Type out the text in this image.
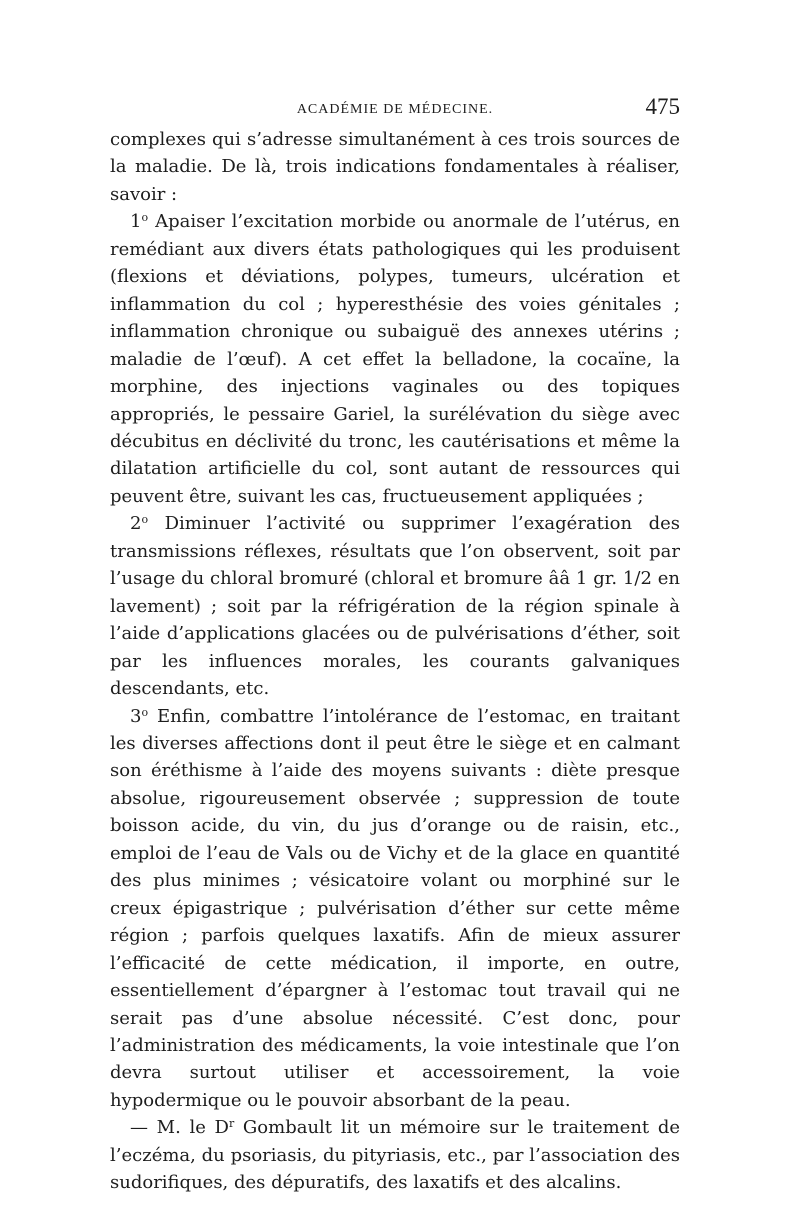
ACADÉMIE DE MÉDECINE.	475

complexes qui s’adresse simultanément à ces trois sources de la maladie. De là, trois indications fondamentales à réaliser, savoir :

1$^o$ Apaiser l’excitation morbide ou anormale de l’utérus, en remédiant aux divers états pathologiques qui les produisent (flexions et déviations, polypes, tumeurs, ulcération et inflammation du col ; hyperesthésie des voies génitales ; inflammation chronique ou subaiguë des annexes utérins ; maladie de l’œuf). A cet effet la belladone, la cocaïne, la morphine, des injections vaginales ou des topiques appropriés, le pessaire Gariel, la surélévation du siège avec décubitus en déclivité du tronc, les cautérisations et même la dilatation artificielle du col, sont autant de ressources qui peuvent être, suivant les cas, fructueusement appliquées ;

2$^o$ Diminuer l’activité ou supprimer l’exagération des transmissions réflexes, résultats que l’on observent, soit par l’usage du chloral bromuré (chloral et bromure ââ 1 gr. 1/2 en lavement) ; soit par la réfrigération de la région spinale à l’aide d’applications glacées ou de pulvérisations d’éther, soit par les influences morales, les courants galvaniques descendants, etc.

3$^o$ Enfin, combattre l’intolérance de l’estomac, en traitant les diverses affections dont il peut être le siège et en calmant son éréthisme à l’aide des moyens suivants : diète presque absolue, rigoureusement observée ; suppression de toute boisson acide, du vin, du jus d’orange ou de raisin, etc., emploi de l’eau de Vals ou de Vichy et de la glace en quantité des plus minimes ; vésicatoire volant ou morphiné sur le creux épigastrique ; pulvérisation d’éther sur cette même région ; parfois quelques laxatifs. Afin de mieux assurer l’efficacité de cette médication, il importe, en outre, essentiellement d’épargner à l’estomac tout travail qui ne serait pas d’une absolue nécessité. C’est donc, pour l’administration des médicaments, la voie intestinale que l’on devra surtout utiliser et accessoirement, la voie hypodermique ou le pouvoir absorbant de la peau.

— M. le $D^r$ Gombault lit un mémoire sur le traitement de l’eczéma, du psoriasis, du pityriasis, etc., par l’association des sudorifiques, des dépuratifs, des laxatifs et des alcalins.
